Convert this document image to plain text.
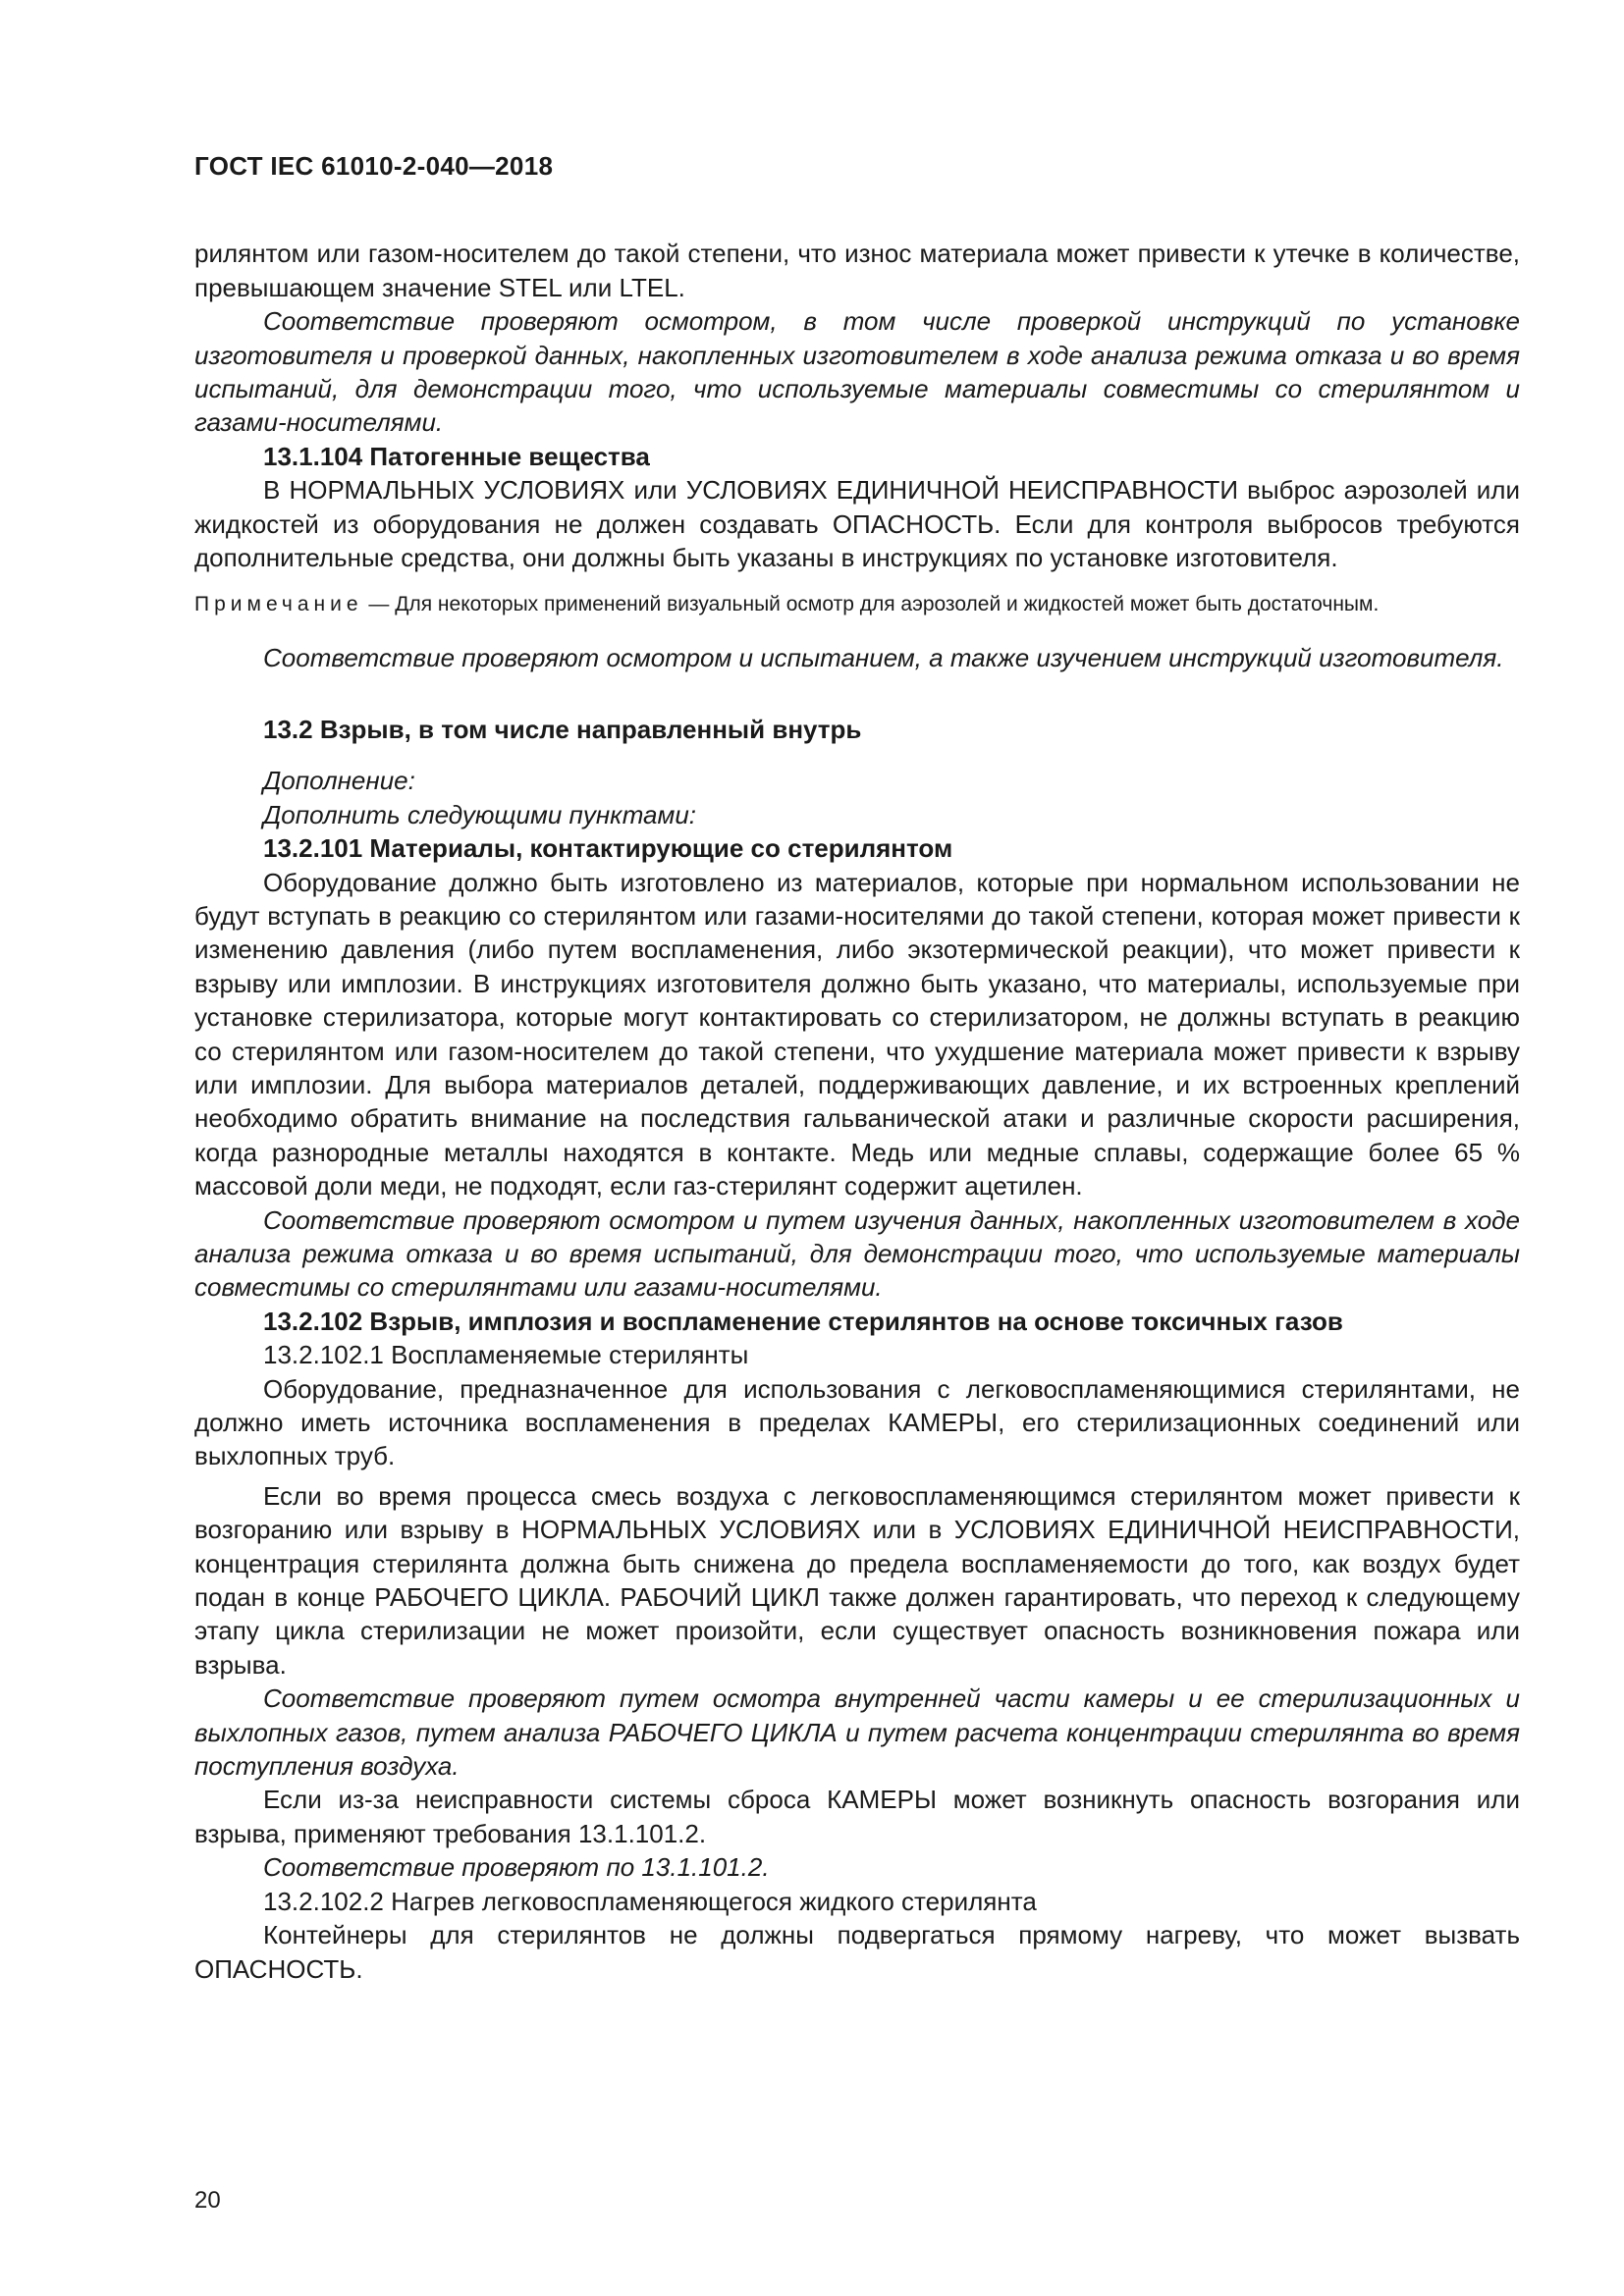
ГОСТ IEC 61010-2-040—2018

рилянтом или газом-носителем до такой степени, что износ материала может привести к утечке в количестве, превышающем значение STEL или LTEL.

Соответствие проверяют осмотром, в том числе проверкой инструкций по установке изготовителя и проверкой данных, накопленных изготовителем в ходе анализа режима отказа и во время испытаний, для демонстрации того, что используемые материалы совместимы со стерилянтом и газами-носителями.

13.1.104 Патогенные вещества

В НОРМАЛЬНЫХ УСЛОВИЯХ или УСЛОВИЯХ ЕДИНИЧНОЙ НЕИСПРАВНОСТИ выброс аэрозолей или жидкостей из оборудования не должен создавать ОПАСНОСТЬ. Если для контроля выбросов требуются дополнительные средства, они должны быть указаны в инструкциях по установке изготовителя.

Примечание — Для некоторых применений визуальный осмотр для аэрозолей и жидкостей может быть достаточным.

Соответствие проверяют осмотром и испытанием, а также изучением инструкций изготовителя.

13.2 Взрыв, в том числе направленный внутрь

Дополнение:

Дополнить следующими пунктами:

13.2.101 Материалы, контактирующие со стерилянтом

Оборудование должно быть изготовлено из материалов, которые при нормальном использовании не будут вступать в реакцию со стерилянтом или газами-носителями до такой степени, которая может привести к изменению давления (либо путем воспламенения, либо экзотермической реакции), что может привести к взрыву или имплозии. В инструкциях изготовителя должно быть указано, что материалы, используемые при установке стерилизатора, которые могут контактировать со стерилизатором, не должны вступать в реакцию со стерилянтом или газом-носителем до такой степени, что ухудшение материала может привести к взрыву или имплозии. Для выбора материалов деталей, поддерживающих давление, и их встроенных креплений необходимо обратить внимание на последствия гальванической атаки и различные скорости расширения, когда разнородные металлы находятся в контакте. Медь или медные сплавы, содержащие более 65 % массовой доли меди, не подходят, если газ-стерилянт содержит ацетилен.

Соответствие проверяют осмотром и путем изучения данных, накопленных изготовителем в ходе анализа режима отказа и во время испытаний, для демонстрации того, что используемые материалы совместимы со стерилянтами или газами-носителями.

13.2.102 Взрыв, имплозия и воспламенение стерилянтов на основе токсичных газов

13.2.102.1 Воспламеняемые стерилянты

Оборудование, предназначенное для использования с легковоспламеняющимися стерилянтами, не должно иметь источника воспламенения в пределах КАМЕРЫ, его стерилизационных соединений или выхлопных труб.

Если во время процесса смесь воздуха с легковоспламеняющимся стерилянтом может привести к возгоранию или взрыву в НОРМАЛЬНЫХ УСЛОВИЯХ или в УСЛОВИЯХ ЕДИНИЧНОЙ НЕИСПРАВНОСТИ, концентрация стерилянта должна быть снижена до предела воспламеняемости до того, как воздух будет подан в конце РАБОЧЕГО ЦИКЛА. РАБОЧИЙ ЦИКЛ также должен гарантировать, что переход к следующему этапу цикла стерилизации не может произойти, если существует опасность возникновения пожара или взрыва.

Соответствие проверяют путем осмотра внутренней части камеры и ее стерилизационных и выхлопных газов, путем анализа РАБОЧЕГО ЦИКЛА и путем расчета концентрации стерилянта во время поступления воздуха.

Если из-за неисправности системы сброса КАМЕРЫ может возникнуть опасность возгорания или взрыва, применяют требования 13.1.101.2.

Соответствие проверяют по 13.1.101.2.

13.2.102.2 Нагрев легковоспламеняющегося жидкого стерилянта

Контейнеры для стерилянтов не должны подвергаться прямому нагреву, что может вызвать ОПАСНОСТЬ.

20
